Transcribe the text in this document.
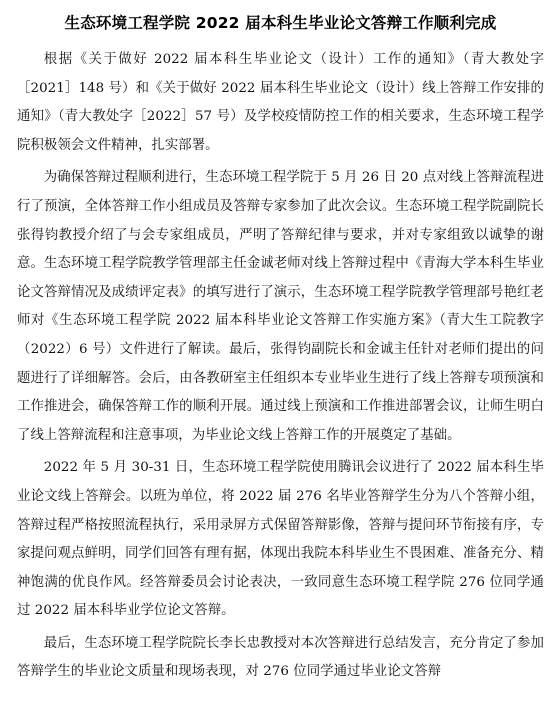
生态环境工程学院 2022 届本科生毕业论文答辩工作顺利完成

根据《关于做好 2022 届本科生毕业论文（设计）工作的通知》（青大教处字［2021］148 号）和《关于做好 2022 届本科生毕业论文（设计）线上答辩工作安排的通知》（青大教处字［2022］57 号）及学校疫情防控工作的相关要求，生态环境工程学院积极领会文件精神，扎实部署。

为确保答辩过程顺利进行，生态环境工程学院于 5 月 26 日 20 点对线上答辩流程进行了预演，全体答辩工作小组成员及答辩专家参加了此次会议。生态环境工程学院副院长张得钧教授介绍了与会专家组成员，严明了答辩纪律与要求，并对专家组致以诚挚的谢意。生态环境工程学院教学管理部主任金诚老师对线上答辩过程中《青海大学本科生毕业论文答辩情况及成绩评定表》的填写进行了演示，生态环境工程学院教学管理部号艳红老师对《生态环境工程学院 2022 届本科毕业论文答辩工作实施方案》（青大生工院教字（2022）6 号）文件进行了解读。最后，张得钧副院长和金诚主任针对老师们提出的问题进行了详细解答。会后，由各教研室主任组织本专业毕业生进行了线上答辩专项预演和工作推进会，确保答辩工作的顺利开展。通过线上预演和工作推进部署会议，让师生明白了线上答辩流程和注意事项，为毕业论文线上答辩工作的开展奠定了基础。

2022 年 5 月 30-31 日，生态环境工程学院使用腾讯会议进行了 2022 届本科生毕业论文线上答辩会。以班为单位，将 2022 届 276 名毕业答辩学生分为八个答辩小组，答辩过程严格按照流程执行，采用录屏方式保留答辩影像，答辩与提问环节衔接有序，专家提问观点鲜明，同学们回答有理有据，体现出我院本科毕业生不畏困难、准备充分、精神饱满的优良作风。经答辩委员会讨论表决，一致同意生态环境工程学院 276 位同学通过 2022 届本科毕业学位论文答辩。

最后，生态环境工程学院院长李长忠教授对本次答辩进行总结发言，充分肯定了参加答辩学生的毕业论文质量和现场表现，对 276 位同学通过毕业论文答辩
